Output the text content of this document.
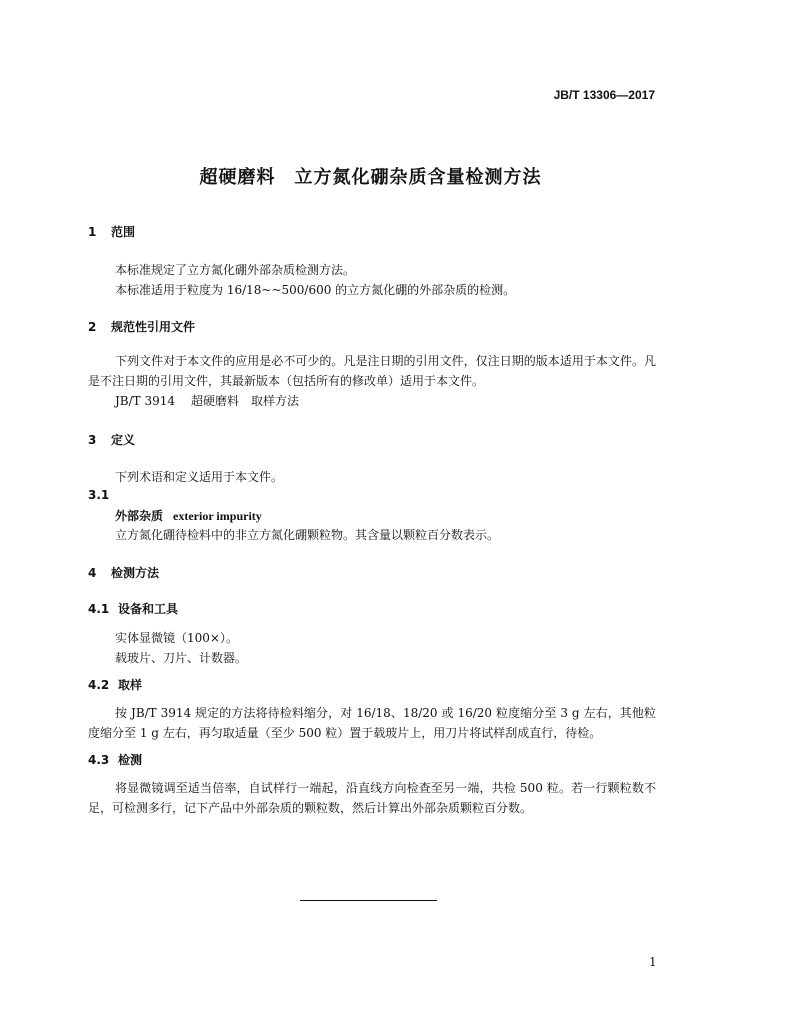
JB/T 13306—2017
超硬磨料　立方氮化硼杂质含量检测方法
1 范围
本标准规定了立方氮化硼外部杂质检测方法。
本标准适用于粒度为 16/18~~500/600 的立方氮化硼的外部杂质的检测。
2 规范性引用文件
下列文件对于本文件的应用是必不可少的。凡是注日期的引用文件，仅注日期的版本适用于本文件。凡是不注日期的引用文件，其最新版本（包括所有的修改单）适用于本文件。
JB/T 3914 超硬磨料　取样方法
3 定义
下列术语和定义适用于本文件。
3.1
外部杂质 exterior impurity
立方氮化硼待检料中的非立方氮化硼颗粒物。其含量以颗粒百分数表示。
4 检测方法
4.1 设备和工具
实体显微镜（100×）。
载玻片、刀片、计数器。
4.2 取样
按 JB/T 3914 规定的方法将待检料缩分，对 16/18、18/20 或 16/20 粒度缩分至 3 g 左右，其他粒度缩分至 1 g 左右，再匀取适量（至少 500 粒）置于载玻片上，用刀片将试样刮成直行，待检。
4.3 检测
将显微镜调至适当倍率，自试样行一端起，沿直线方向检查至另一端，共检 500 粒。若一行颗粒数不足，可检测多行，记下产品中外部杂质的颗粒数，然后计算出外部杂质颗粒百分数。
1
